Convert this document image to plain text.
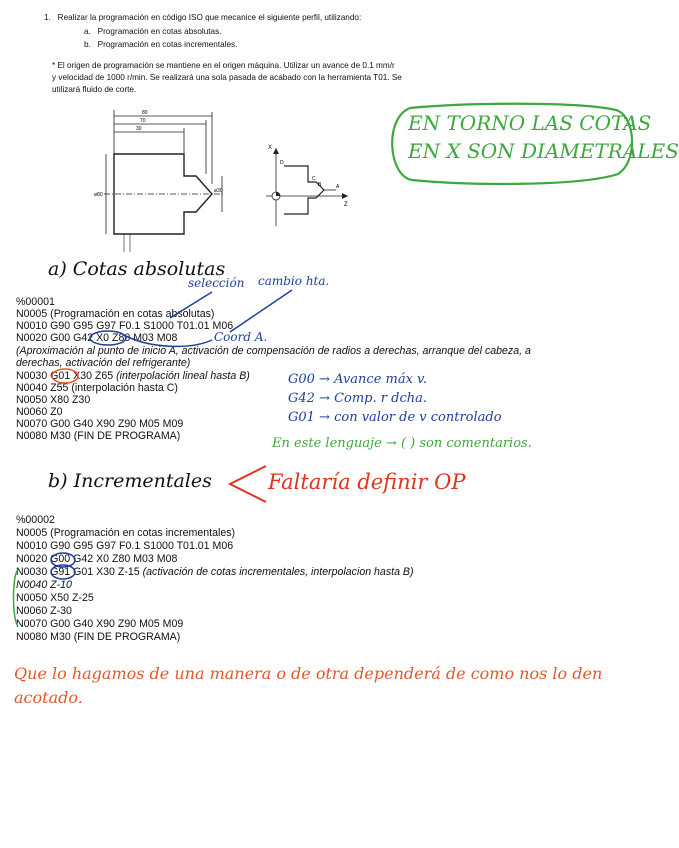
1. Realizar la programación en código ISO que mecanice el siguiente perfil, utilizando:
a. Programación en cotas absolutas.
b. Programación en cotas incrementales.
* El origen de programación se mantiene en el origen máquina. Utilizar un avance de 0.1 mm/r
y velocidad de 1000 r/min. Se realizará una sola pasada de acabado con la herramienta T01. Se
utilizará fluido de corte.
80
70
30
ø80
ø30
X
Z
D
C
B	A
EN TORNO LAS COTAS
EN X SON DIAMETRALES
a) Cotas absolutas
selección cambio hta.
%00001
N0005 (Programación en cotas absolutas)
N0010 G90 G95 G97 F0.1 S1000 T01.01 M06
N0020 G00 G42 X0 Z80 M03 M08
(Aproximación al punto de inicio A, activación de compensación de radios a derechas, arranque del cabeza, a
derechas, activación del refrigerante)
N0030 G01 X30 Z65 (interpolación lineal hasta B)
N0040 Z55 (interpolación hasta C)
N0050 X80 Z30
N0060 Z0
N0070 G00 G40 X90 Z90 M05 M09
N0080 M30 (FIN DE PROGRAMA)
Coord A.
G00 → Avance máx v.
G42 → Comp. r dcha.
G01 → con valor de v controlado
En este lenguaje → ( ) son comentarios.
b) Incrementales	Faltaría definir OP
%00002
N0005 (Programación en cotas incrementales)
N0010 G90 G95 G97 F0.1 S1000 T01.01 M06
N0020 G00 G42 X0 Z80 M03 M08
N0030 G91 G01 X30 Z-15 (activación de cotas incrementales, interpolacion hasta B)
N0040 Z-10
N0050 X50 Z-25
N0060 Z-30
N0070 G00 G40 X90 Z90 M05 M09
N0080 M30 (FIN DE PROGRAMA)
Que lo hagamos de una manera o de otra dependerá de como nos lo den
acotado.
